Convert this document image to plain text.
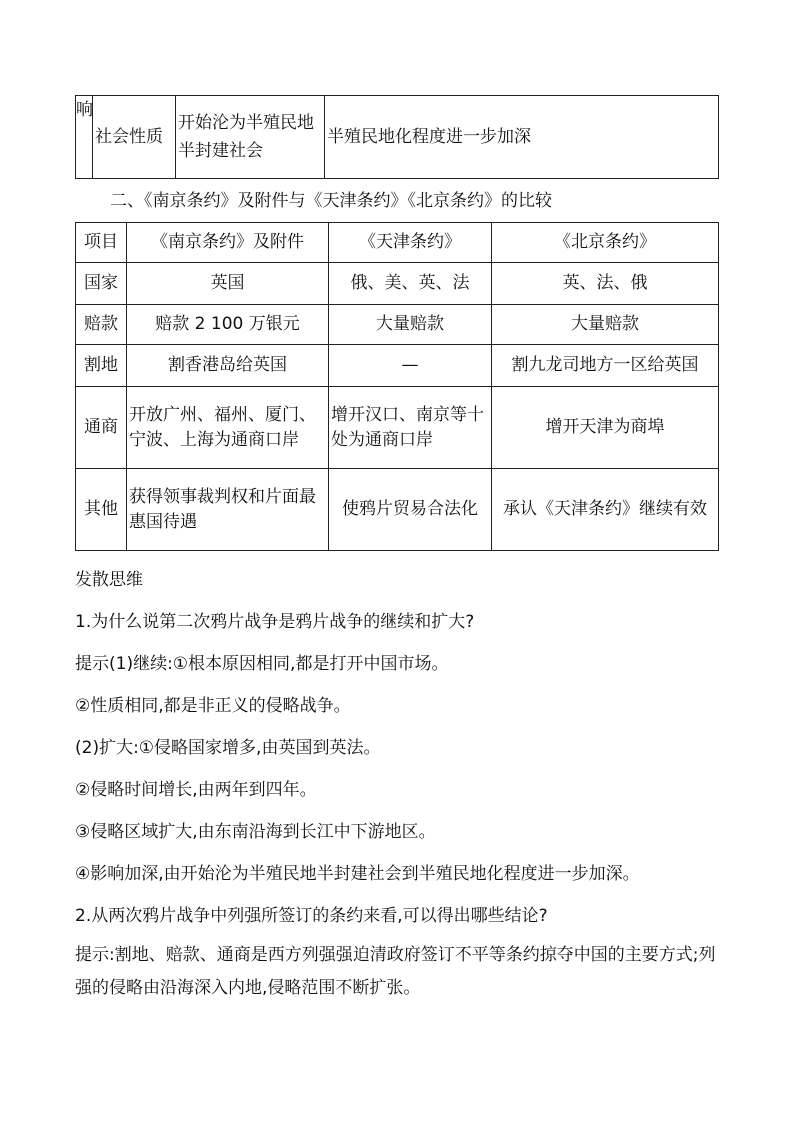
响	社会性质	开始沦为半殖民地半封建社会	半殖民地化程度进一步加深
二、《南京条约》及附件与《天津条约》《北京条约》的比较
项目	《南京条约》及附件	《天津条约》	《北京条约》
国家	英国	俄、美、英、法	英、法、俄
赔款	赔款 2 100 万银元	大量赔款	大量赔款
割地	割香港岛给英国	—	割九龙司地方一区给英国
通商	开放广州、福州、厦门、宁波、上海为通商口岸	增开汉口、南京等十处为通商口岸	增开天津为商埠
其他	获得领事裁判权和片面最惠国待遇	使鸦片贸易合法化	承认《天津条约》继续有效
发散思维
1.为什么说第二次鸦片战争是鸦片战争的继续和扩大?
提示(1)继续:①根本原因相同,都是打开中国市场。
②性质相同,都是非正义的侵略战争。
(2)扩大:①侵略国家增多,由英国到英法。
②侵略时间增长,由两年到四年。
③侵略区域扩大,由东南沿海到长江中下游地区。
④影响加深,由开始沦为半殖民地半封建社会到半殖民地化程度进一步加深。
2.从两次鸦片战争中列强所签订的条约来看,可以得出哪些结论?
提示:割地、赔款、通商是西方列强强迫清政府签订不平等条约掠夺中国的主要方式;列强的侵略由沿海深入内地,侵略范围不断扩张。
